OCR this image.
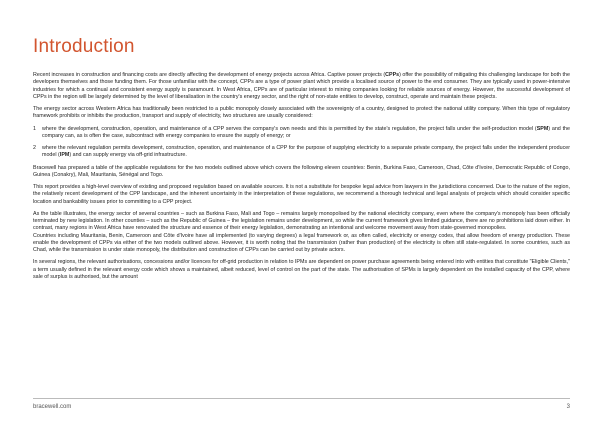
Introduction

Recent increases in construction and financing costs are directly affecting the development of energy projects across Africa. Captive power projects (CPPs) offer the possibility of mitigating this challenging landscape for both the developers themselves and those funding them. For those unfamiliar with the concept, CPPs are a type of power plant which provide a localised source of power to the end consumer. They are typically used in power-intensive industries for which a continual and consistent energy supply is paramount. In West Africa, CPPs are of particular interest to mining companies looking for reliable sources of energy. However, the successful development of CPPs in the region will be largely determined by the level of liberalisation in the country's energy sector, and the right of non-state entities to develop, construct, operate and maintain these projects.

The energy sector across Western Africa has traditionally been restricted to a public monopoly closely associated with the sovereignty of a country, designed to protect the national utility company. When this type of regulatory framework prohibits or inhibits the production, transport and supply of electricity, two structures are usually considered:

1	where the development, construction, operation, and maintenance of a CPP serves the company's own needs and this is permitted by the state's regulation, the project falls under the self-production model (SPM) and the company can, as is often the case, subcontract with energy companies to ensure the supply of energy; or
2	where the relevant regulation permits development, construction, operation, and maintenance of a CPP for the purpose of supplying electricity to a separate private company, the project falls under the independent producer model (IPM) and can supply energy via off-grid infrastructure.

Bracewell has prepared a table of the applicable regulations for the two models outlined above which covers the following eleven countries: Benin, Burkina Faso, Cameroon, Chad, Côte d'Ivoire, Democratic Republic of Congo, Guinea (Conakry), Mali, Mauritania, Sénégal and Togo.

This report provides a high-level overview of existing and proposed regulation based on available sources. It is not a substitute for bespoke legal advice from lawyers in the jurisdictions concerned. Due to the nature of the region, the relatively recent development of the CPP landscape, and the inherent uncertainty in the interpretation of these regulations, we recommend a thorough technical and legal analysis of projects which should consider specific location and bankability issues prior to committing to a CPP project.

As the table illustrates, the energy sector of several countries – such as Burkina Faso, Mali and Togo – remains largely monopolised by the national electricity company, even where the company's monopoly has been officially terminated by new legislation. In other counties – such as the Republic of Guinea – the legislation remains under development, so while the current framework gives limited guidance, there are no prohibitions laid down either. In contrast, many regions in West Africa have renovated the structure and essence of their energy legislation, demonstrating an intentional and welcome movement away from state-governed monopolies.

Countries including Mauritania, Benin, Cameroon and Côte d'Ivoire have all implemented (to varying degrees) a legal framework or, as often called, electricity or energy codes, that allow freedom of energy production. These enable the development of CPPs via either of the two models outlined above. However, it is worth noting that the transmission (rather than production) of the electricity is often still state-regulated. In some countries, such as Chad, while the transmission is under state monopoly, the distribution and construction of CPPs can be carried out by private actors.

In several regions, the relevant authorisations, concessions and/or licences for off-grid production in relation to IPMs are dependent on power purchase agreements being entered into with entities that constitute "Eligible Clients," a term usually defined in the relevant energy code which shows a maintained, albeit reduced, level of control on the part of the state. The authorisation of SPMs is largely dependent on the installed capacity of the CPP, where sale of surplus is authorised, but the amount

bracewell.com	3
